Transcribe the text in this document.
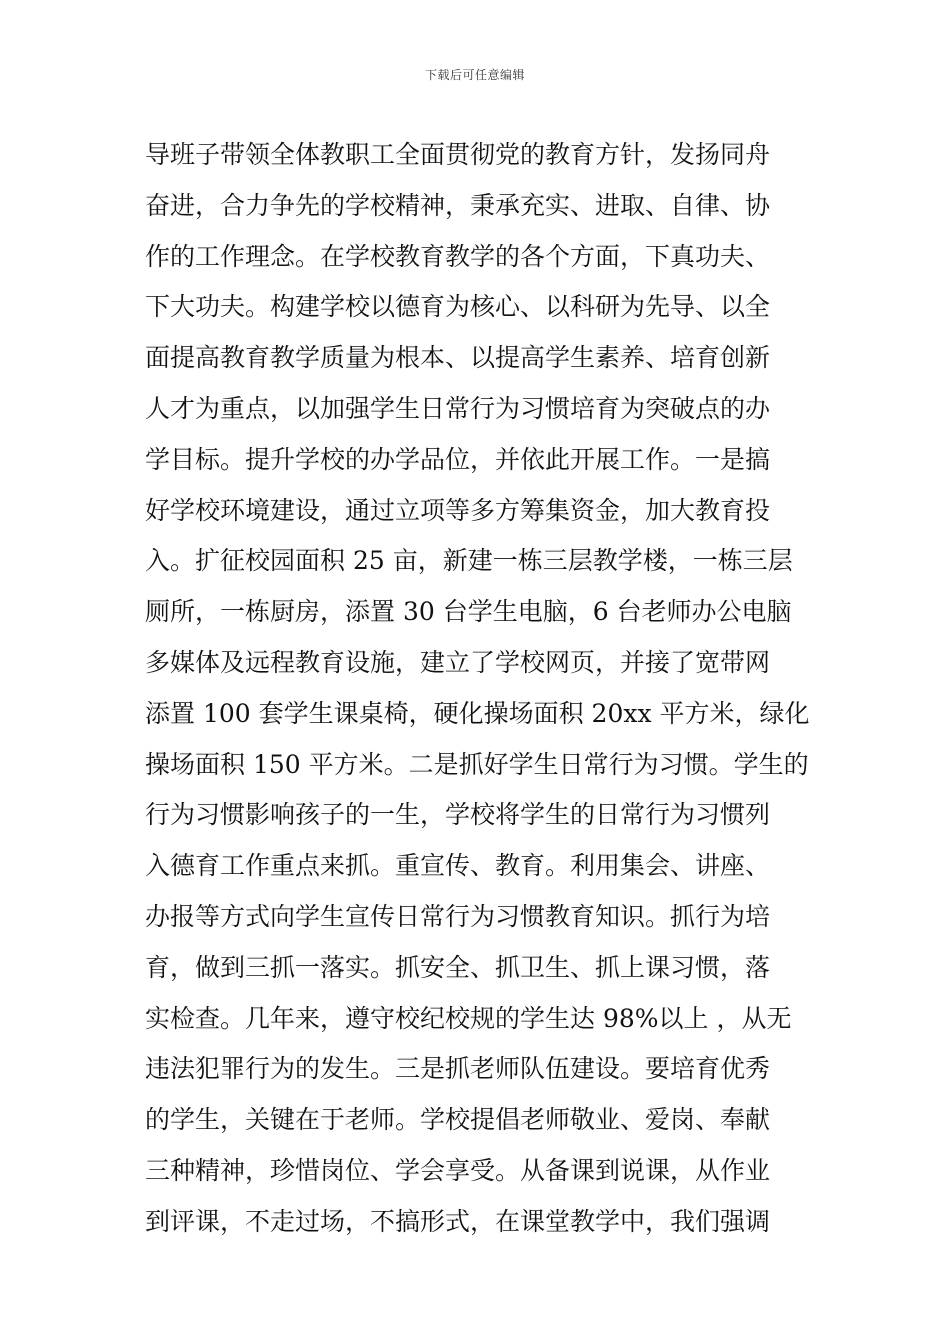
下载后可任意编辑
导班子带领全体教职工全面贯彻党的教育方针，发扬同舟
奋进，合力争先的学校精神，秉承充实、进取、自律、协
作的工作理念。在学校教育教学的各个方面，下真功夫、
下大功夫。构建学校以德育为核心、以科研为先导、以全
面提高教育教学质量为根本、以提高学生素养、培育创新
人才为重点，以加强学生日常行为习惯培育为突破点的办
学目标。提升学校的办学品位，并依此开展工作。一是搞
好学校环境建设，通过立项等多方筹集资金，加大教育投
入。扩征校园面积 25 亩，新建一栋三层教学楼，一栋三层
厕所，一栋厨房，添置 30 台学生电脑，6 台老师办公电脑
多媒体及远程教育设施，建立了学校网页，并接了宽带网
添置 100 套学生课桌椅，硬化操场面积 20xx 平方米，绿化
操场面积 150 平方米。二是抓好学生日常行为习惯。学生的
行为习惯影响孩子的一生，学校将学生的日常行为习惯列
入德育工作重点来抓。重宣传、教育。利用集会、讲座、
办报等方式向学生宣传日常行为习惯教育知识。抓行为培
育，做到三抓一落实。抓安全、抓卫生、抓上课习惯，落
实检查。几年来，遵守校纪校规的学生达 98%以上 ，从无
违法犯罪行为的发生。三是抓老师队伍建设。要培育优秀
的学生，关键在于老师。学校提倡老师敬业、爱岗、奉献
三种精神，珍惜岗位、学会享受。从备课到说课，从作业
到评课，不走过场，不搞形式，在课堂教学中，我们强调
